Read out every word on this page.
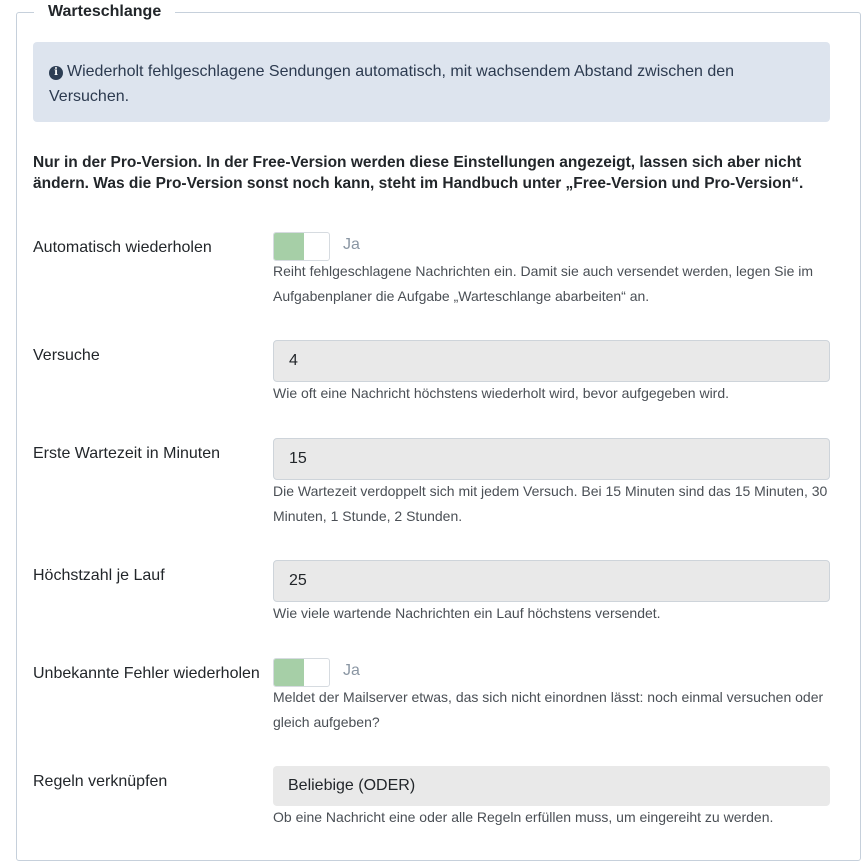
Warteschlange
i Wiederholt fehlgeschlagene Sendungen automatisch, mit wachsendem Abstand zwischen den Versuchen.
Nur in der Pro-Version. In der Free-Version werden diese Einstellungen angezeigt, lassen sich aber nicht ändern. Was die Pro-Version sonst noch kann, steht im Handbuch unter „Free-Version und Pro-Version“.
Automatisch wiederholen	Ja
Reiht fehlgeschlagene Nachrichten ein. Damit sie auch versendet werden, legen Sie im Aufgabenplaner die Aufgabe „Warteschlange abarbeiten“ an.
Versuche	4
Wie oft eine Nachricht höchstens wiederholt wird, bevor aufgegeben wird.
Erste Wartezeit in Minuten	15
Die Wartezeit verdoppelt sich mit jedem Versuch. Bei 15 Minuten sind das 15 Minuten, 30 Minuten, 1 Stunde, 2 Stunden.
Höchstzahl je Lauf	25
Wie viele wartende Nachrichten ein Lauf höchstens versendet.
Unbekannte Fehler wiederholen	Ja
Meldet der Mailserver etwas, das sich nicht einordnen lässt: noch einmal versuchen oder gleich aufgeben?
Regeln verknüpfen	Beliebige (ODER)
Ob eine Nachricht eine oder alle Regeln erfüllen muss, um eingereiht zu werden.
